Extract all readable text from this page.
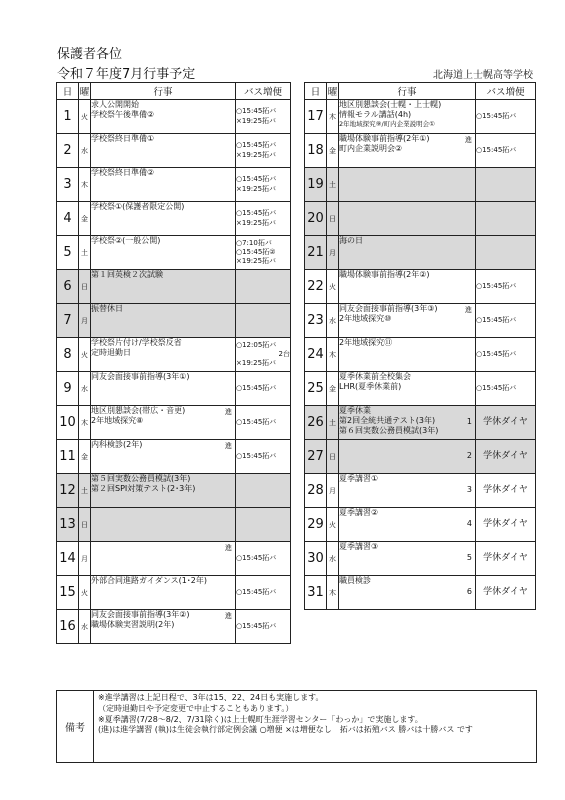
保護者各位
令和７年度7月行事予定	北海道上士幌高等学校
日	曜	行事	バス増便
1	火	求人公開開始
学校祭午後準備②	○15:45拓バ
×19:25拓バ

2	水	学校祭終日準備①	○15:45拓バ
×19:25拓バ

3	木	学校祭終日準備②	○15:45拓バ
×19:25拓バ

4	金	学校祭①(保護者限定公開)	○15:45拓バ
×19:25拓バ

5	土	学校祭②(一般公開)	○7:10拓バ
○15:45拓②
×19:25拓バ

6	日	第１回英検２次試験	

7	月	振替休日	

8	火	学校祭片付け/学校祭反省
定時退勤日	○12:05拓バ
2台
×19:25拓バ

9	水	同友会面接事前指導(3年①)	○15:45拓バ

10	木	地区別懇談会(帯広・音更)
2年地域探究⑧
進	○15:45拓バ

11	金	内科検診(2年) 進	○15:45拓バ

12	土	第５回実数公務員模試(3年)
第２回SPI対策テスト(2･3年)	

13	日		
14	月	進	○15:45拓バ

15	火	外部合同進路ガイダンス(1･2年)	○15:45拓バ

16	水	同友会面接事前指導(3年②)
職場体験実習説明(2年)
進	○15:45拓バ
日	曜	行事	バス増便
17	木	地区別懇談会(士幌・上士幌)
情報モラル講話(4h)
2年地域探究⑨/町内企業説明会①	○15:45拓バ

18	金	職場体験事前指導(2年①)
町内企業説明会②
進	○15:45拓バ

19	土		
20	日		
21	月	海の日	

22	火	職場体験事前指導(2年②)	○15:45拓バ

23	水	同友会面接事前指導(3年③)
2年地域探究⑩
進	○15:45拓バ

24	木	2年地域探究⑪	○15:45拓バ

25	金	夏季休業前全校集会
LHR(夏季休業前)	○15:45拓バ

26	土	夏季休業
第2回全統共通テスト(3年)
第６回実数公務員模試(3年)
1	学休ダイヤ

27	日	2	学休ダイヤ

28	月	夏季講習①
3	学休ダイヤ

29	火	夏季講習②
4	学休ダイヤ

30	水	夏季講習③
5	学休ダイヤ

31	木	職員検診
6	学休ダイヤ
備考
※進学講習は上記日程で、3年は15、22、24日も実施します。
（定時退勤日や予定変更で中止することもあります。）
※夏季講習(7/28～8/2、7/31除く)は上士幌町生涯学習センター「わっか」で実施します。
(進)は進学講習 (執)は生徒会執行部定例会議 ○増便 ×は増便なし　拓バは拓殖バス 勝バは十勝バス です
